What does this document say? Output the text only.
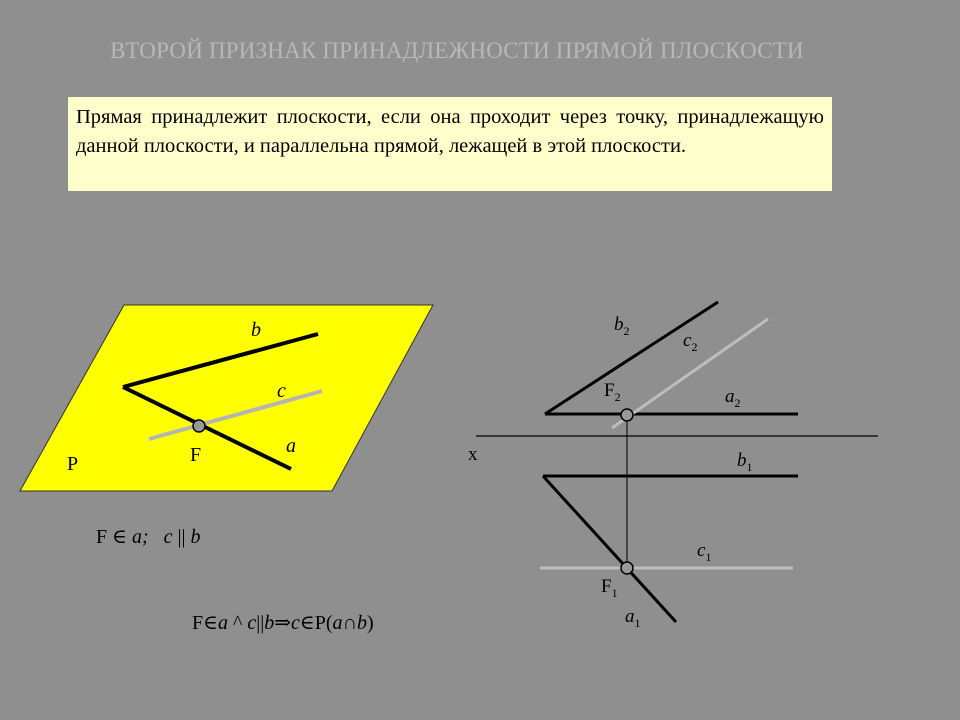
ВТОРОЙ ПРИЗНАК ПРИНАДЛЕЖНОСТИ ПРЯМОЙ ПЛОСКОСТИ
Прямая принадлежит плоскости, если она проходит через точку, принадлежащую данной плоскости, и параллельна прямой, лежащей в этой плоскости.
b
c
a
F
P	x
$b_2$	$c_2$
$F_2$	$a_2$
$b_1$
$c_1$
$F_1$
$a_1$
F ∈ a; c || b
F∈a ^ c||b⇒c∈P(a∩b)
